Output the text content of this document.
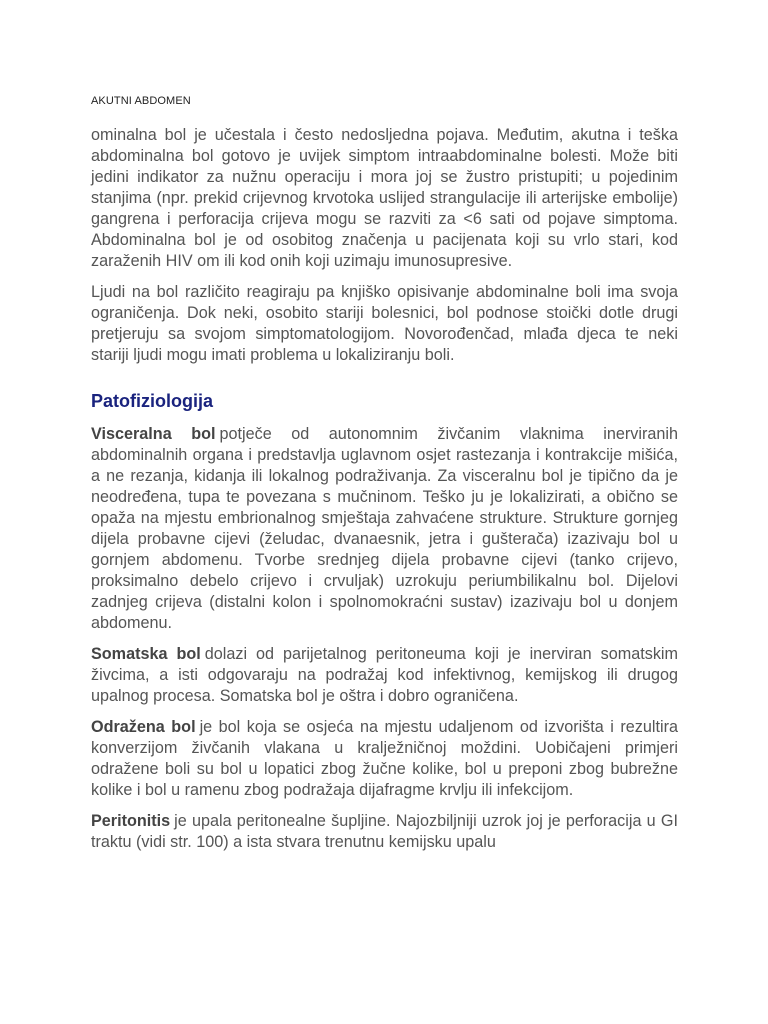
AKUTNI ABDOMEN

ominalna bol je učestala i često nedosljedna pojava. Međutim, akutna i teška abdominalna bol gotovo je uvijek simptom intraabdominalne bolesti. Može biti jedini indikator za nužnu operaciju i mora joj se žustro pristupiti; u pojedinim stanjima (npr. prekid crijevnog krvotoka uslijed strangulacije ili arterijske embolije) gangrena i perforacija crijeva mogu se razviti za <6 sati od pojave simptoma. Abdominalna bol je od osobitog značenja u pacijenata koji su vrlo stari, kod zaraženih HIV om ili kod onih koji uzimaju imunosupresive.

Ljudi na bol različito reagiraju pa knjiško opisivanje abdominalne boli ima svoja ograničenja. Dok neki, osobito stariji bolesnici, bol podnose stoički dotle drugi pretjeruju sa svojom simptomatologijom. Novorođenčad, mlađa djeca te neki stariji ljudi mogu imati problema u lokaliziranju boli.

Patofiziologija

Visceralna bol potječe od autonomnim živčanim vlaknima inerviranih abdominalnih organa i predstavlja uglavnom osjet rastezanja i kontrakcije mišića, a ne rezanja, kidanja ili lokalnog podraživanja. Za visceralnu bol je tipično da je neodređena, tupa te povezana s mučninom. Teško ju je lokalizirati, a obično se opaža na mjestu embrionalnog smještaja zahvaćene strukture. Strukture gornjeg dijela probavne cijevi (želudac, dvanaesnik, jetra i gušterača) izazivaju bol u gornjem abdomenu. Tvorbe srednjeg dijela probavne cijevi (tanko crijevo, proksimalno debelo crijevo i crvuljak) uzrokuju periumbilikalnu bol. Dijelovi zadnjeg crijeva (distalni kolon i spolnomokraćni sustav) izazivaju bol u donjem abdomenu.

Somatska bol dolazi od parijetalnog peritoneuma koji je inerviran somatskim živcima, a isti odgovaraju na podražaj kod infektivnog, kemijskog ili drugog upalnog procesa. Somatska bol je oštra i dobro ograničena.

Odražena bol je bol koja se osjeća na mjestu udaljenom od izvorišta i rezultira konverzijom živčanih vlakana u kralježničnoj moždini. Uobičajeni primjeri odražene boli su bol u lopatici zbog žučne kolike, bol u preponi zbog bubrežne kolike i bol u ramenu zbog podražaja dijafragme krvlju ili infekcijom.

Peritonitis je upala peritonealne šupljine. Najozbiljniji uzrok joj je perforacija u GI traktu (vidi str. 100) a ista stvara trenutnu kemijsku upalu
